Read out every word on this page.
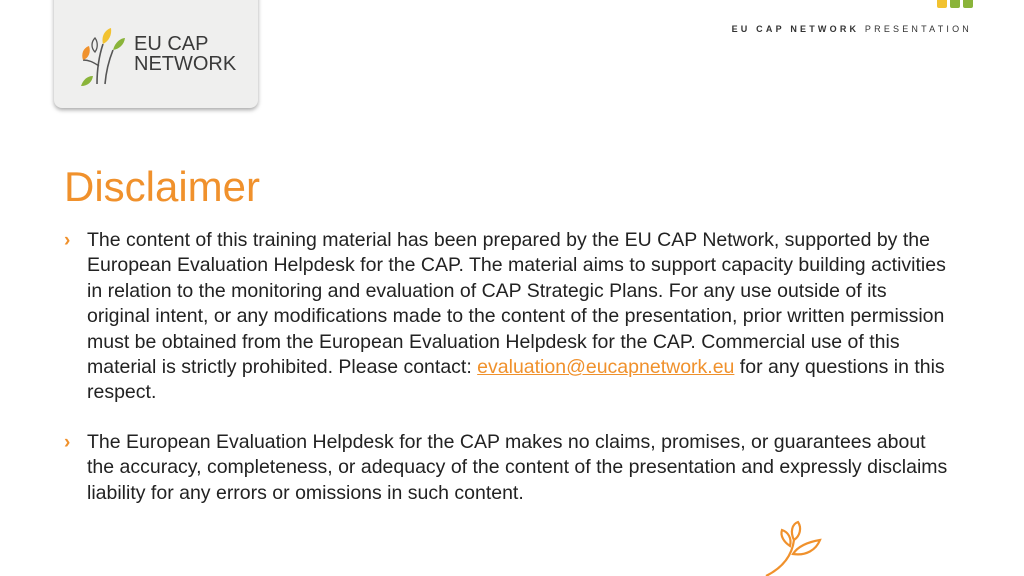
EU CAP
NETWORK
EU CAP NETWORK PRESENTATION
Disclaimer
› The content of this training material has been prepared by the EU CAP Network, supported by the European Evaluation Helpdesk for the CAP. The material aims to support capacity building activities in relation to the monitoring and evaluation of CAP Strategic Plans. For any use outside of its original intent, or any modifications made to the content of the presentation, prior written permission must be obtained from the European Evaluation Helpdesk for the CAP. Commercial use of this material is strictly prohibited. Please contact: evaluation@eucapnetwork.eu for any questions in this respect.
› The European Evaluation Helpdesk for the CAP makes no claims, promises, or guarantees about the accuracy, completeness, or adequacy of the content of the presentation and expressly disclaims liability for any errors or omissions in such content.
